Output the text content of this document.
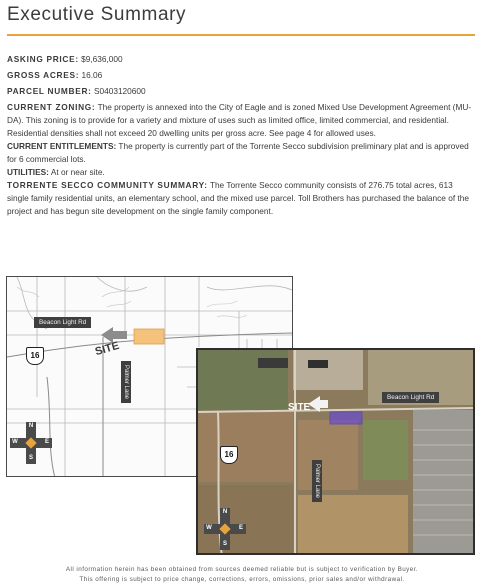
Executive Summary

ASKING PRICE: $9,636,000

GROSS ACRES: 16.06

PARCEL NUMBER: S0403120600

CURRENT ZONING: The property is annexed into the City of Eagle and is zoned Mixed Use Development Agreement (MU-DA). This zoning is to provide for a variety and mixture of uses such as limited office, limited commercial, and residential. Residential densities shall not exceed 20 dwelling units per gross acre. See page 4 for allowed uses.

CURRENT ENTITLEMENTS: The property is currently part of the Torrente Secco subdivision preliminary plat and is approved for 6 commercial lots.

UTILITIES: At or near site.

TORRENTE SECCO COMMUNITY SUMMARY: The Torrente Secco community consists of 276.75 total acres, 613 single family residential units, an elementary school, and the mixed use parcel. Toll Brothers has purchased the balance of the project and has begun site development on the single family component.

Beacon Light Rd
SITE
16
Palmer Lane
N
S
W	E
Beacon Light Rd
SITE
16
Palmer Lane
N
S
W	E
All information herein has been obtained from sources deemed reliable but is subject to verification by Buyer.
This offering is subject to price change, corrections, errors, omissions, prior sales and/or withdrawal.
